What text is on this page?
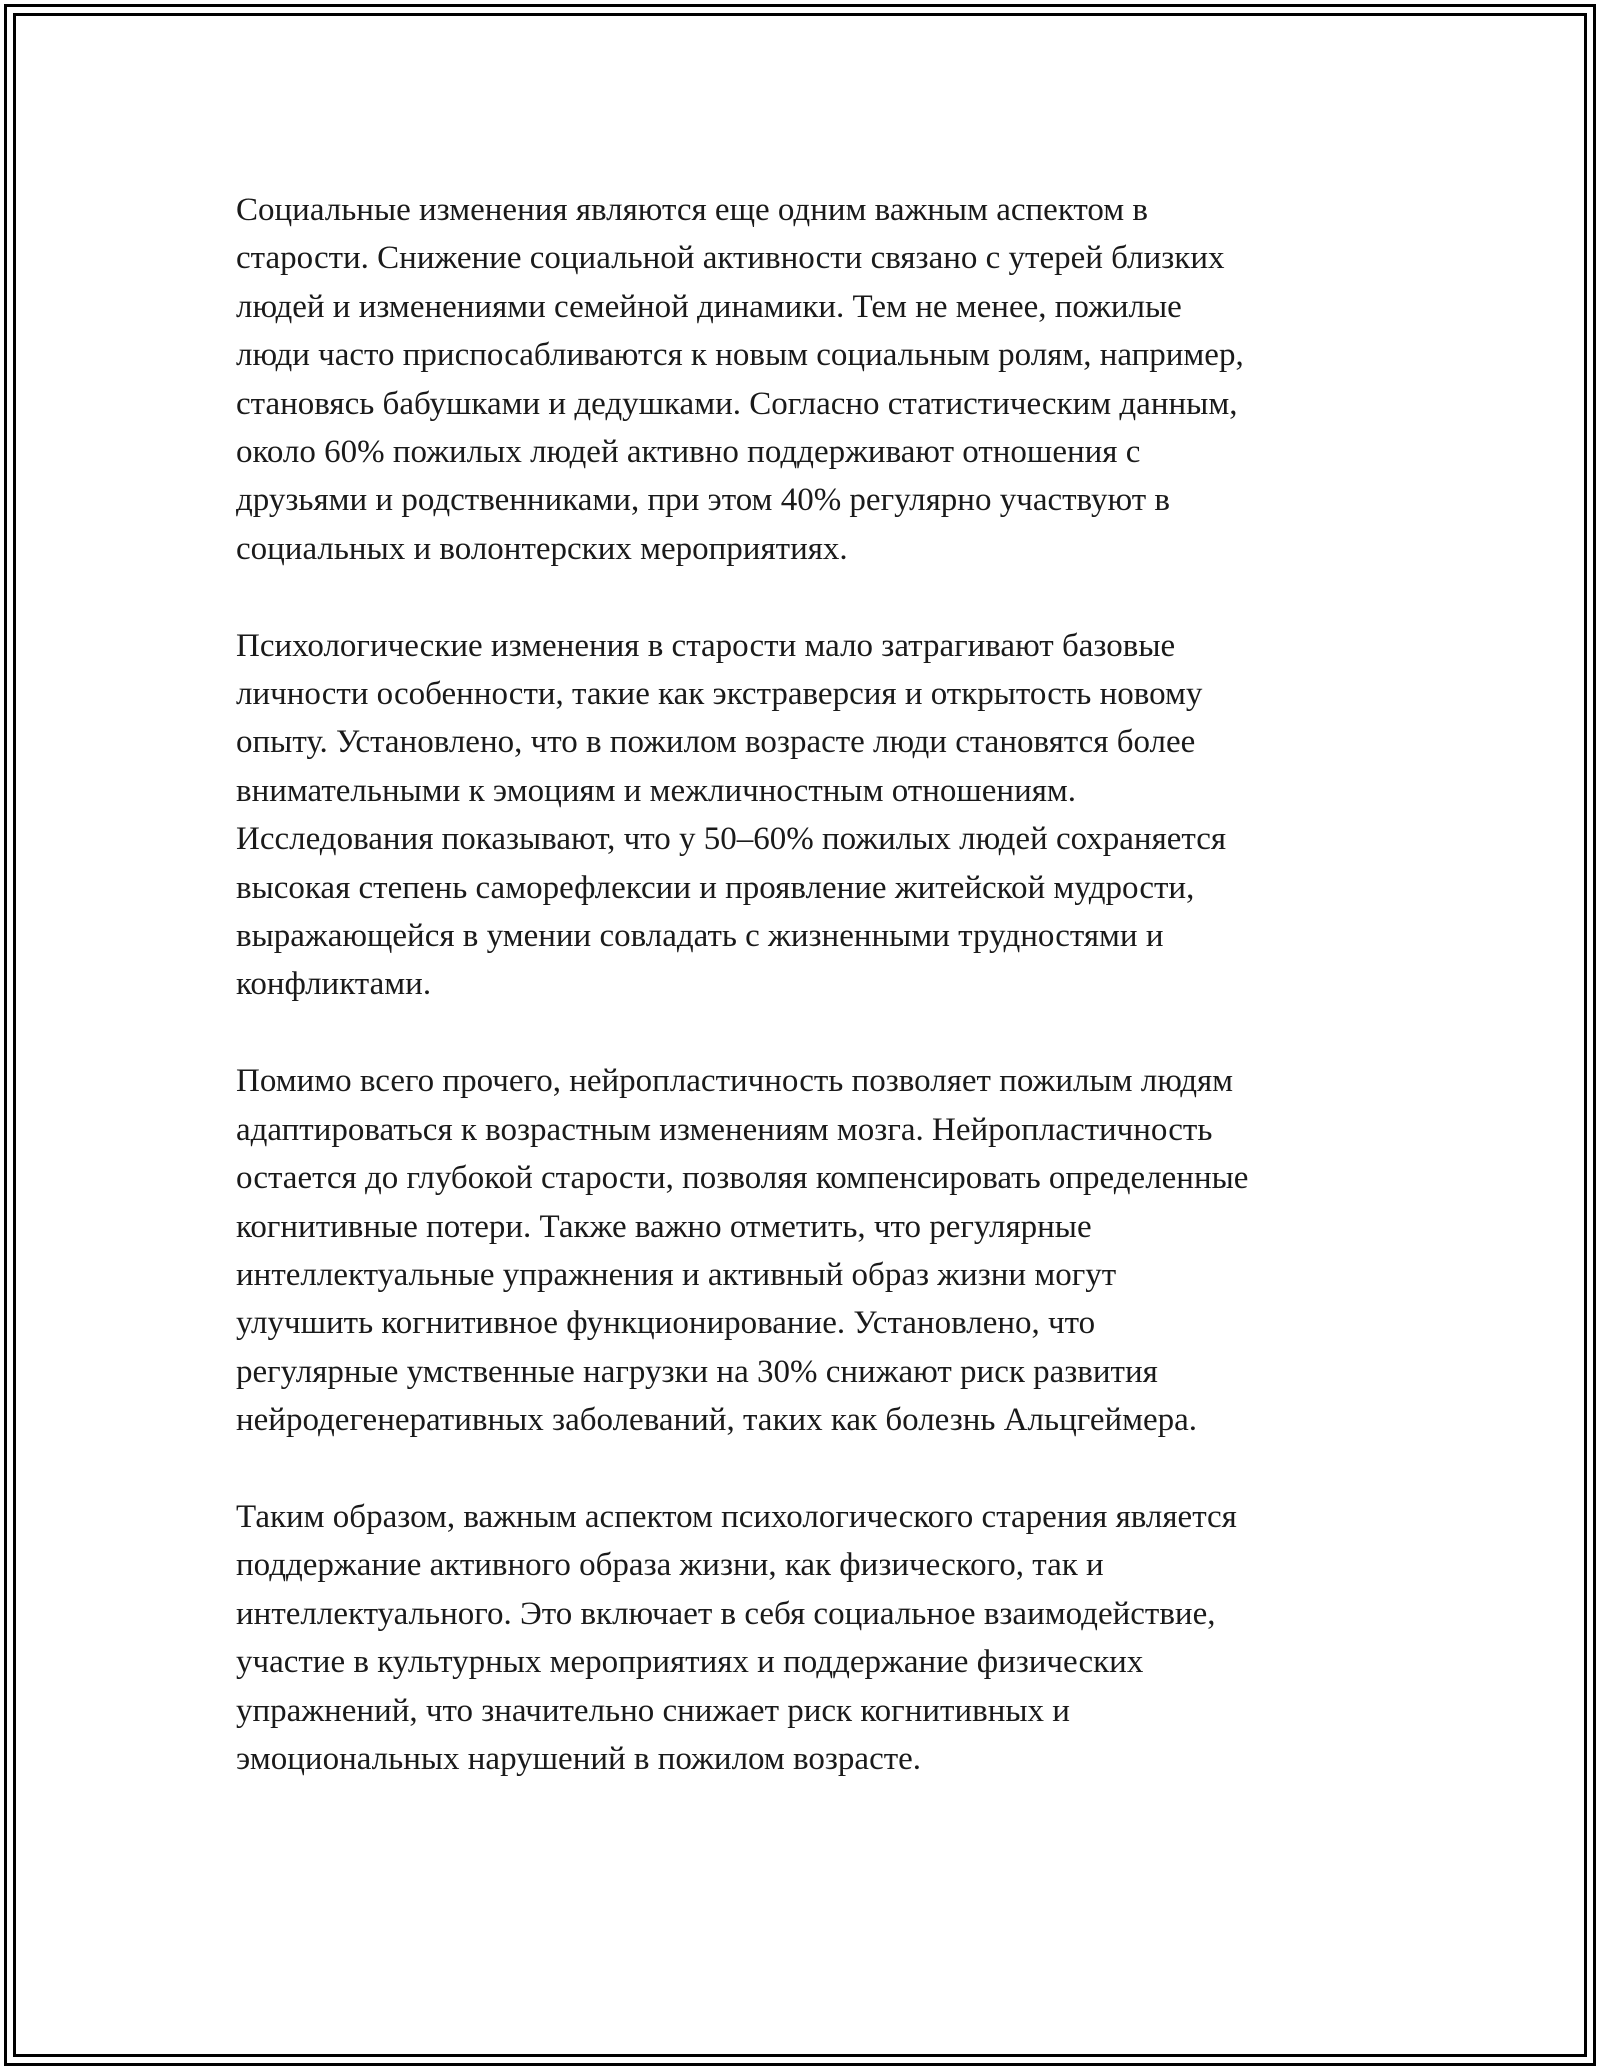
Социальные изменения являются еще одним важным аспектом в
старости. Снижение социальной активности связано с утерей близких
людей и изменениями семейной динамики. Тем не менее, пожилые
люди часто приспосабливаются к новым социальным ролям, например,
становясь бабушками и дедушками. Согласно статистическим данным,
около 60% пожилых людей активно поддерживают отношения с
друзьями и родственниками, при этом 40% регулярно участвуют в
социальных и волонтерских мероприятиях.

Психологические изменения в старости мало затрагивают базовые
личности особенности, такие как экстраверсия и открытость новому
опыту. Установлено, что в пожилом возрасте люди становятся более
внимательными к эмоциям и межличностным отношениям.
Исследования показывают, что у 50–60% пожилых людей сохраняется
высокая степень саморефлексии и проявление житейской мудрости,
выражающейся в умении совладать с жизненными трудностями и
конфликтами.

Помимо всего прочего, нейропластичность позволяет пожилым людям
адаптироваться к возрастным изменениям мозга. Нейропластичность
остается до глубокой старости, позволяя компенсировать определенные
когнитивные потери. Также важно отметить, что регулярные
интеллектуальные упражнения и активный образ жизни могут
улучшить когнитивное функционирование. Установлено, что
регулярные умственные нагрузки на 30% снижают риск развития
нейродегенеративных заболеваний, таких как болезнь Альцгеймера.

Таким образом, важным аспектом психологического старения является
поддержание активного образа жизни, как физического, так и
интеллектуального. Это включает в себя социальное взаимодействие,
участие в культурных мероприятиях и поддержание физических
упражнений, что значительно снижает риск когнитивных и
эмоциональных нарушений в пожилом возрасте.
